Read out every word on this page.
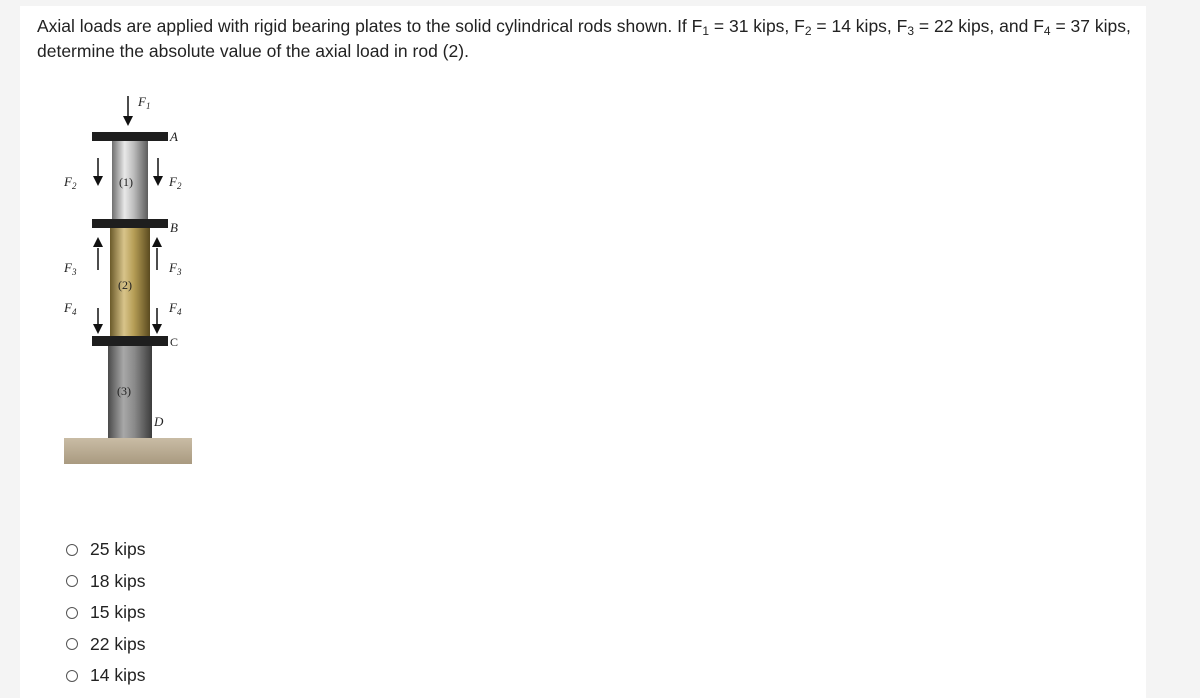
Axial loads are applied with rigid bearing plates to the solid cylindrical rods shown. If $F_1 = 31$ kips, $F_2 = 14$ kips, $F_3 = 22$ kips, and $F_4 = 37$ kips, determine the absolute value of the axial load in rod (2).
$F_1$
A
(1)
$F_2$	$F_2$
B
(2)
$F_3$	$F_3$
$F_4$	$F_4$
C
(3)
D
25 kips
18 kips
15 kips
22 kips
14 kips
